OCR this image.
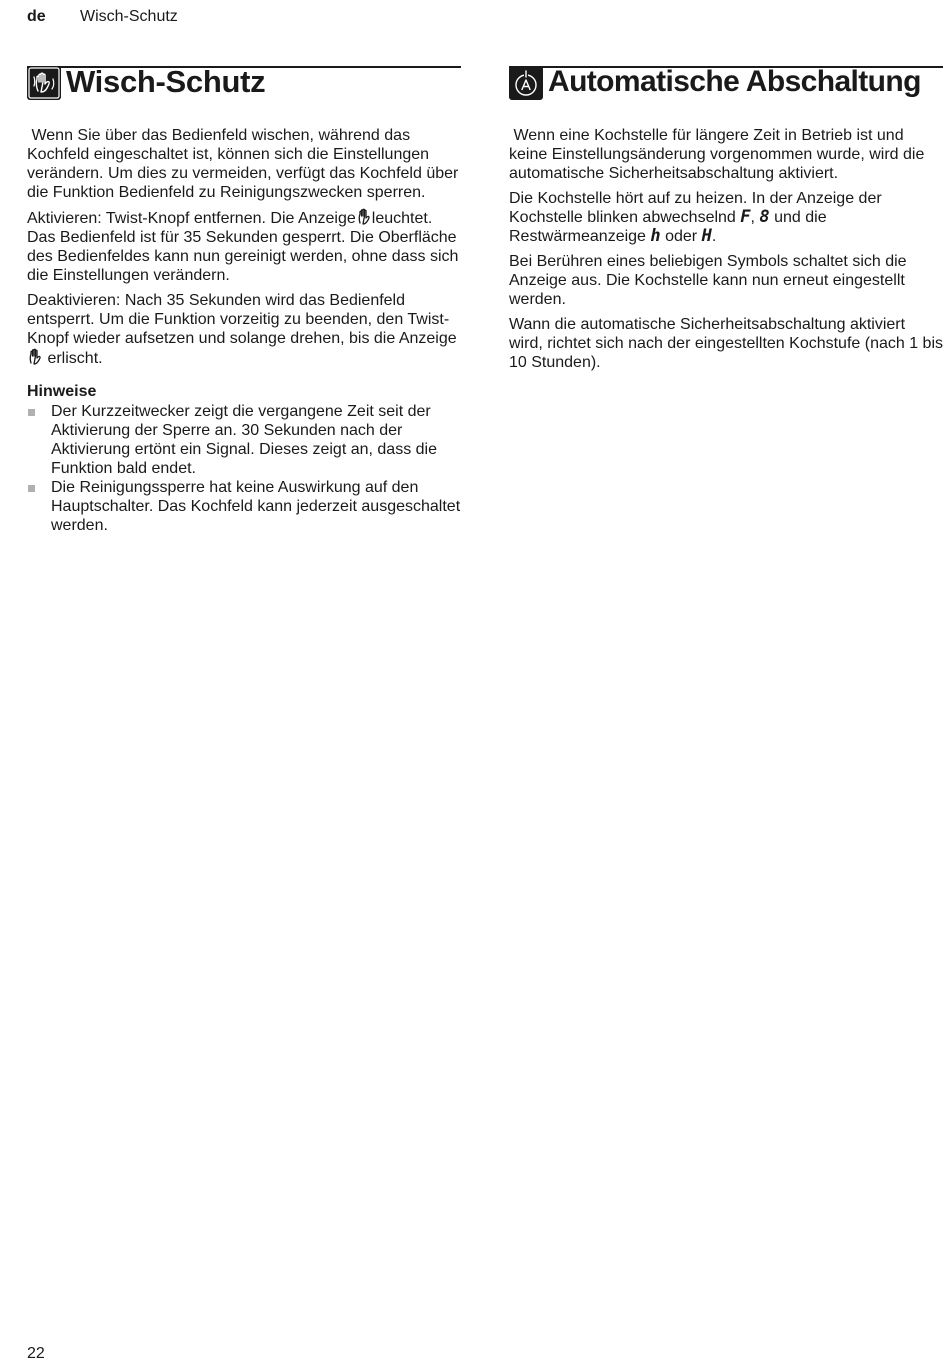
de Wisch-Schutz
Wisch-Schutz

Wenn Sie über das Bedienfeld wischen, während das Kochfeld eingeschaltet ist, können sich die Einstellungen verändern. Um dies zu vermeiden, verfügt das Kochfeld über die Funktion Bedienfeld zu Reinigungszwecken sperren.

Aktivieren: Twist-Knopf entfernen. Die Anzeige leuchtet. Das Bedienfeld ist für 35 Sekunden gesperrt. Die Oberfläche des Bedienfeldes kann nun gereinigt werden, ohne dass sich die Einstellungen verändern.

Deaktivieren: Nach 35 Sekunden wird das Bedienfeld entsperrt. Um die Funktion vorzeitig zu beenden, den Twist-Knopf wieder aufsetzen und solange drehen, bis die Anzeige  erlischt.

Hinweise
Der Kurzzeitwecker zeigt die vergangene Zeit seit der Aktivierung der Sperre an. 30 Sekunden nach der Aktivierung ertönt ein Signal. Dieses zeigt an, dass die Funktion bald endet.
Die Reinigungssperre hat keine Auswirkung auf den Hauptschalter. Das Kochfeld kann jederzeit ausgeschaltet werden.
Automatische Abschaltung

Wenn eine Kochstelle für längere Zeit in Betrieb ist und keine Einstellungsänderung vorgenommen wurde, wird die automatische Sicherheitsabschaltung aktiviert.

Die Kochstelle hört auf zu heizen. In der Anzeige der Kochstelle blinken abwechselnd F, 8 und die Restwärmeanzeige h oder H.

Bei Berühren eines beliebigen Symbols schaltet sich die Anzeige aus. Die Kochstelle kann nun erneut eingestellt werden.

Wann die automatische Sicherheitsabschaltung aktiviert wird, richtet sich nach der eingestellten Kochstufe (nach 1 bis 10 Stunden).

22
